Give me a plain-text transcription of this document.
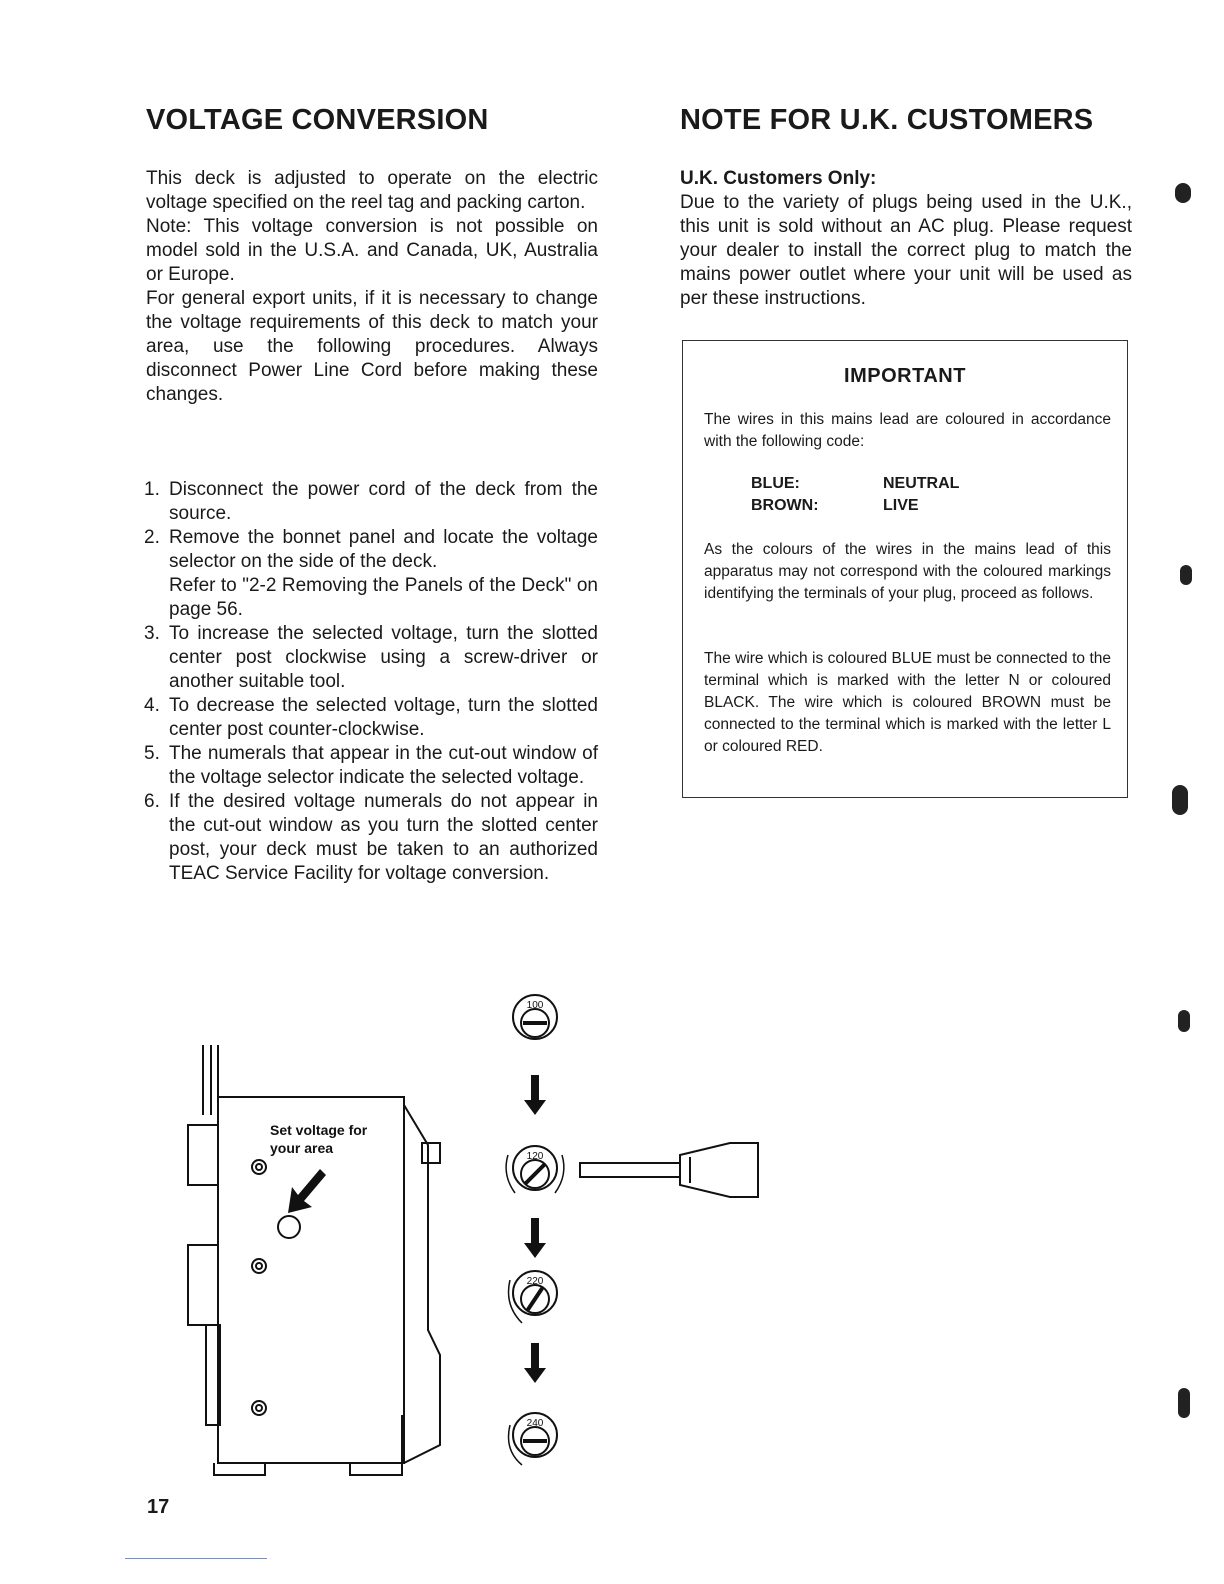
VOLTAGE CONVERSION

This deck is adjusted to operate on the electric voltage specified on the reel tag and packing carton.

Note: This voltage conversion is not possible on model sold in the U.S.A. and Canada, UK, Australia or Europe.

For general export units, if it is necessary to change the voltage requirements of this deck to match your area, use the following procedures. Always disconnect Power Line Cord before making these changes.

1. Disconnect the power cord of the deck from the source.
2. Remove the bonnet panel and locate the voltage selector on the side of the deck.
Refer to "2-2 Removing the Panels of the Deck" on page 56.
3. To increase the selected voltage, turn the slotted center post clockwise using a screw-driver or another suitable tool.
4. To decrease the selected voltage, turn the slotted center post counter-clockwise.
5. The numerals that appear in the cut-out window of the voltage selector indicate the selected voltage.
6. If the desired voltage numerals do not appear in the cut-out window as you turn the slotted center post, your deck must be taken to an authorized TEAC Service Facility for voltage conversion.
NOTE FOR U.K. CUSTOMERS

U.K. Customers Only:

Due to the variety of plugs being used in the U.K., this unit is sold without an AC plug. Please request your dealer to install the correct plug to match the mains power outlet where your unit will be used as per these instructions.

IMPORTANT
The wires in this mains lead are coloured in accordance with the following code:
BLUE:	NEUTRAL
BROWN:	LIVE
As the colours of the wires in the mains lead of this apparatus may not correspond with the coloured markings identifying the terminals of your plug, proceed as follows.
The wire which is coloured BLUE must be connected to the terminal which is marked with the letter N or coloured BLACK. The wire which is coloured BROWN must be connected to the terminal which is marked with the letter L or coloured RED.
Set voltage for your area
100
120
220
240
17
